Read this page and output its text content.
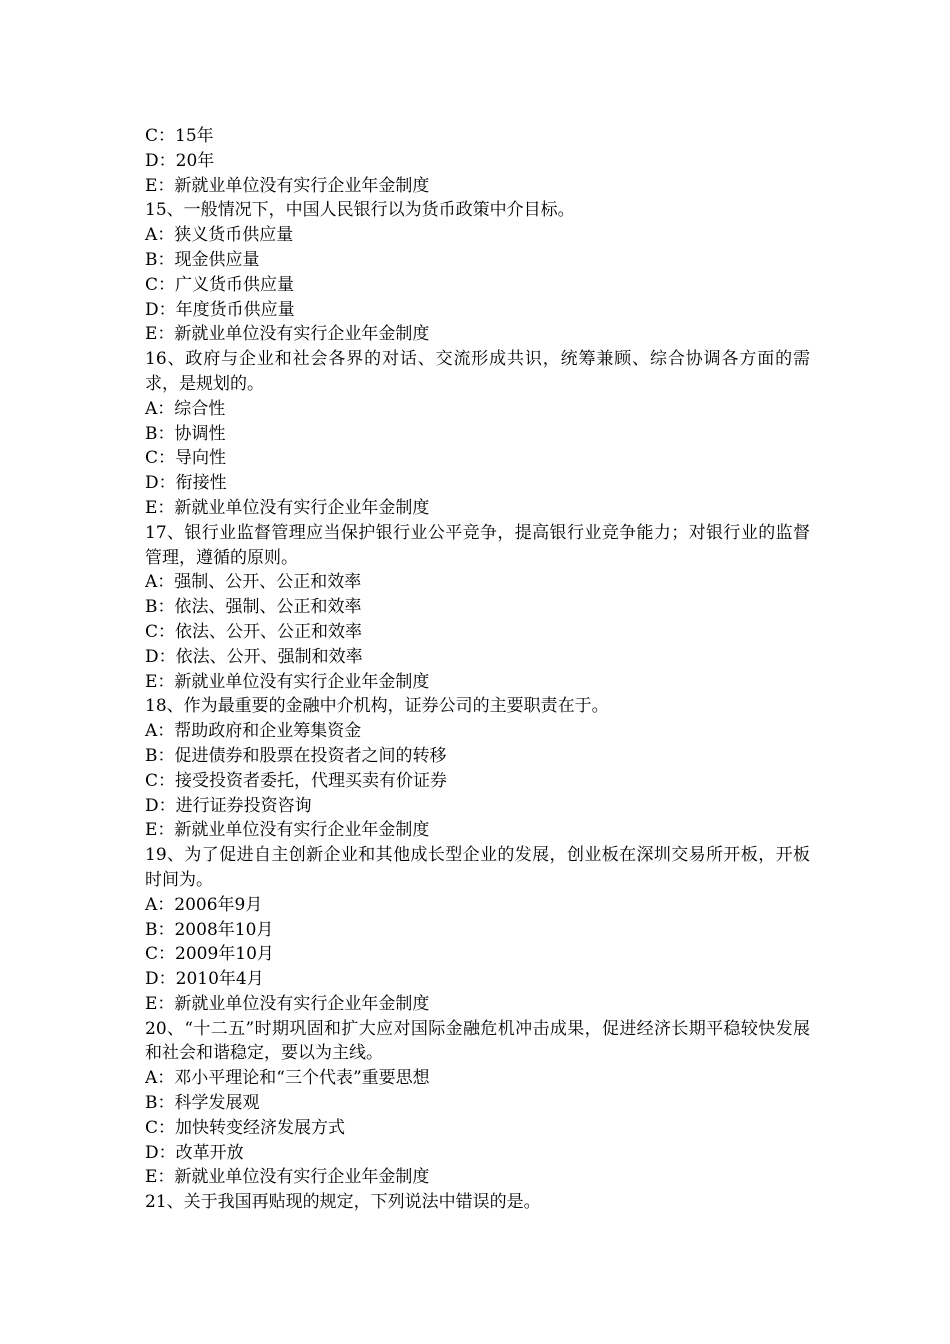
C：15年

D：20年

E：新就业单位没有实行企业年金制度

15、一般情况下，中国人民银行以为货币政策中介目标。

A：狭义货币供应量

B：现金供应量

C：广义货币供应量

D：年度货币供应量

E：新就业单位没有实行企业年金制度

16、政府与企业和社会各界的对话、交流形成共识，统筹兼顾、综合协调各方面的需求，是规划的。

A：综合性

B：协调性

C：导向性

D：衔接性

E：新就业单位没有实行企业年金制度

17、银行业监督管理应当保护银行业公平竞争，提高银行业竞争能力；对银行业的监督管理，遵循的原则。

A：强制、公开、公正和效率

B：依法、强制、公正和效率

C：依法、公开、公正和效率

D：依法、公开、强制和效率

E：新就业单位没有实行企业年金制度

18、作为最重要的金融中介机构，证券公司的主要职责在于。

A：帮助政府和企业筹集资金

B：促进债券和股票在投资者之间的转移

C：接受投资者委托，代理买卖有价证券

D：进行证券投资咨询

E：新就业单位没有实行企业年金制度

19、为了促进自主创新企业和其他成长型企业的发展，创业板在深圳交易所开板，开板时间为。

A：2006年9月

B：2008年10月

C：2009年10月

D：2010年4月

E：新就业单位没有实行企业年金制度

20、“十二五”时期巩固和扩大应对国际金融危机冲击成果，促进经济长期平稳较快发展和社会和谐稳定，要以为主线。

A：邓小平理论和“三个代表”重要思想

B：科学发展观

C：加快转变经济发展方式

D：改革开放

E：新就业单位没有实行企业年金制度

21、关于我国再贴现的规定，下列说法中错误的是。
